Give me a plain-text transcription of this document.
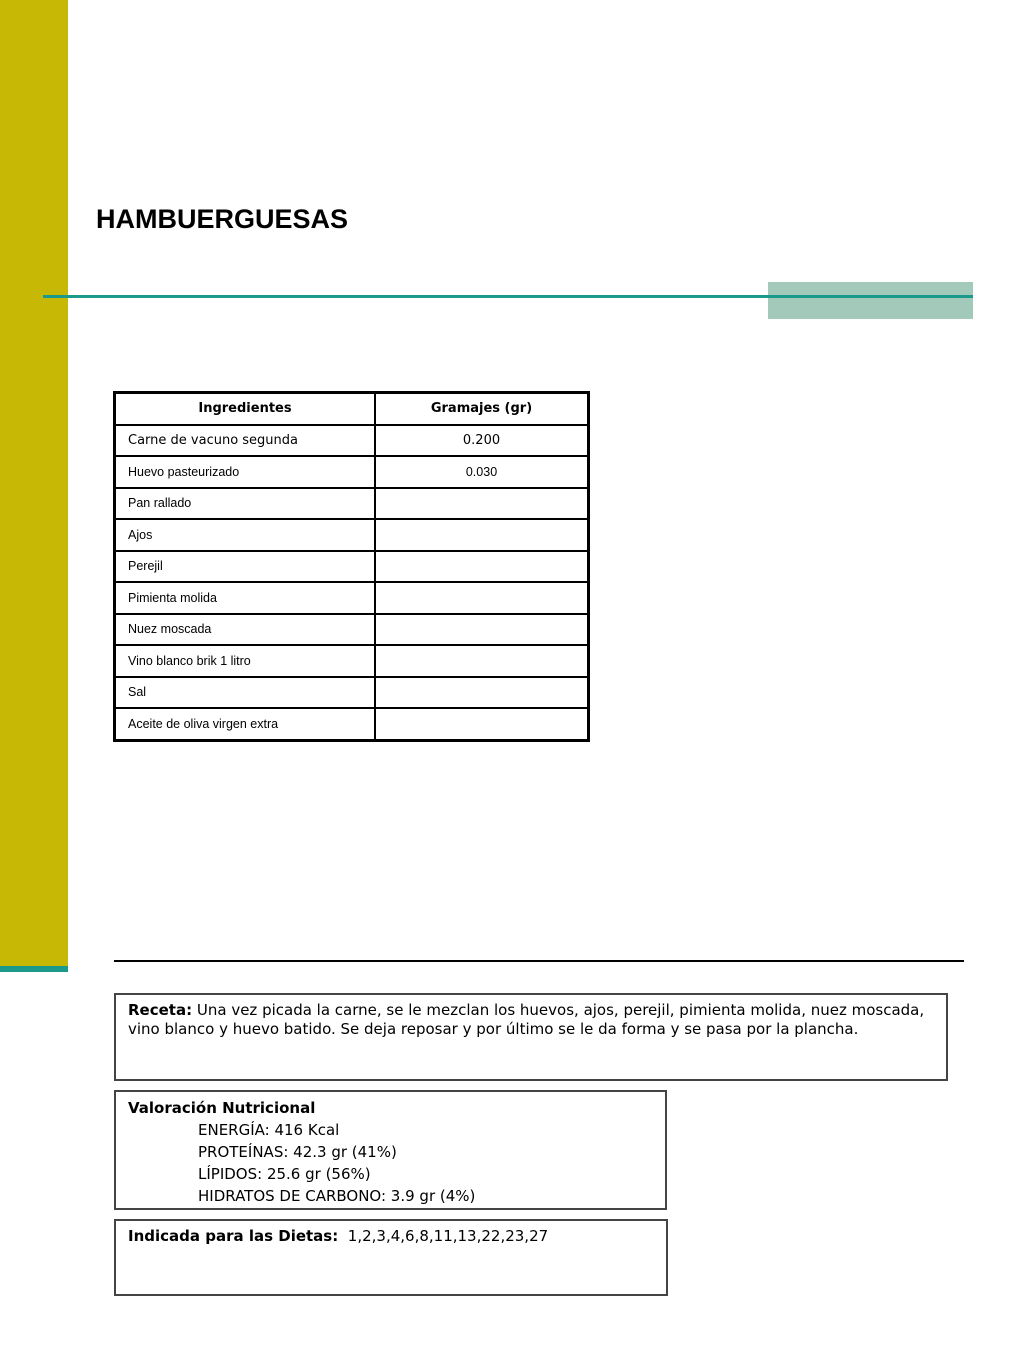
HAMBUERGUESAS
Ingredientes	Gramajes (gr)
Carne de vacuno segunda	0.200
Huevo pasteurizado	0.030
Pan rallado	
Ajos	
Perejil	
Pimienta molida	
Nuez moscada	
Vino blanco brik 1 litro	
Sal	
Aceite de oliva virgen extra	
Receta: Una vez picada la carne, se le mezclan los huevos, ajos, perejil, pimienta molida, nuez moscada, vino blanco y huevo batido. Se deja reposar y por último se le da forma y se pasa por la plancha.
Valoración Nutricional
ENERGÍA: 416 Kcal
PROTEÍNAS: 42.3 gr (41%)
LÍPIDOS: 25.6 gr (56%)
HIDRATOS DE CARBONO: 3.9 gr (4%)
Indicada para las Dietas: 1,2,3,4,6,8,11,13,22,23,27
